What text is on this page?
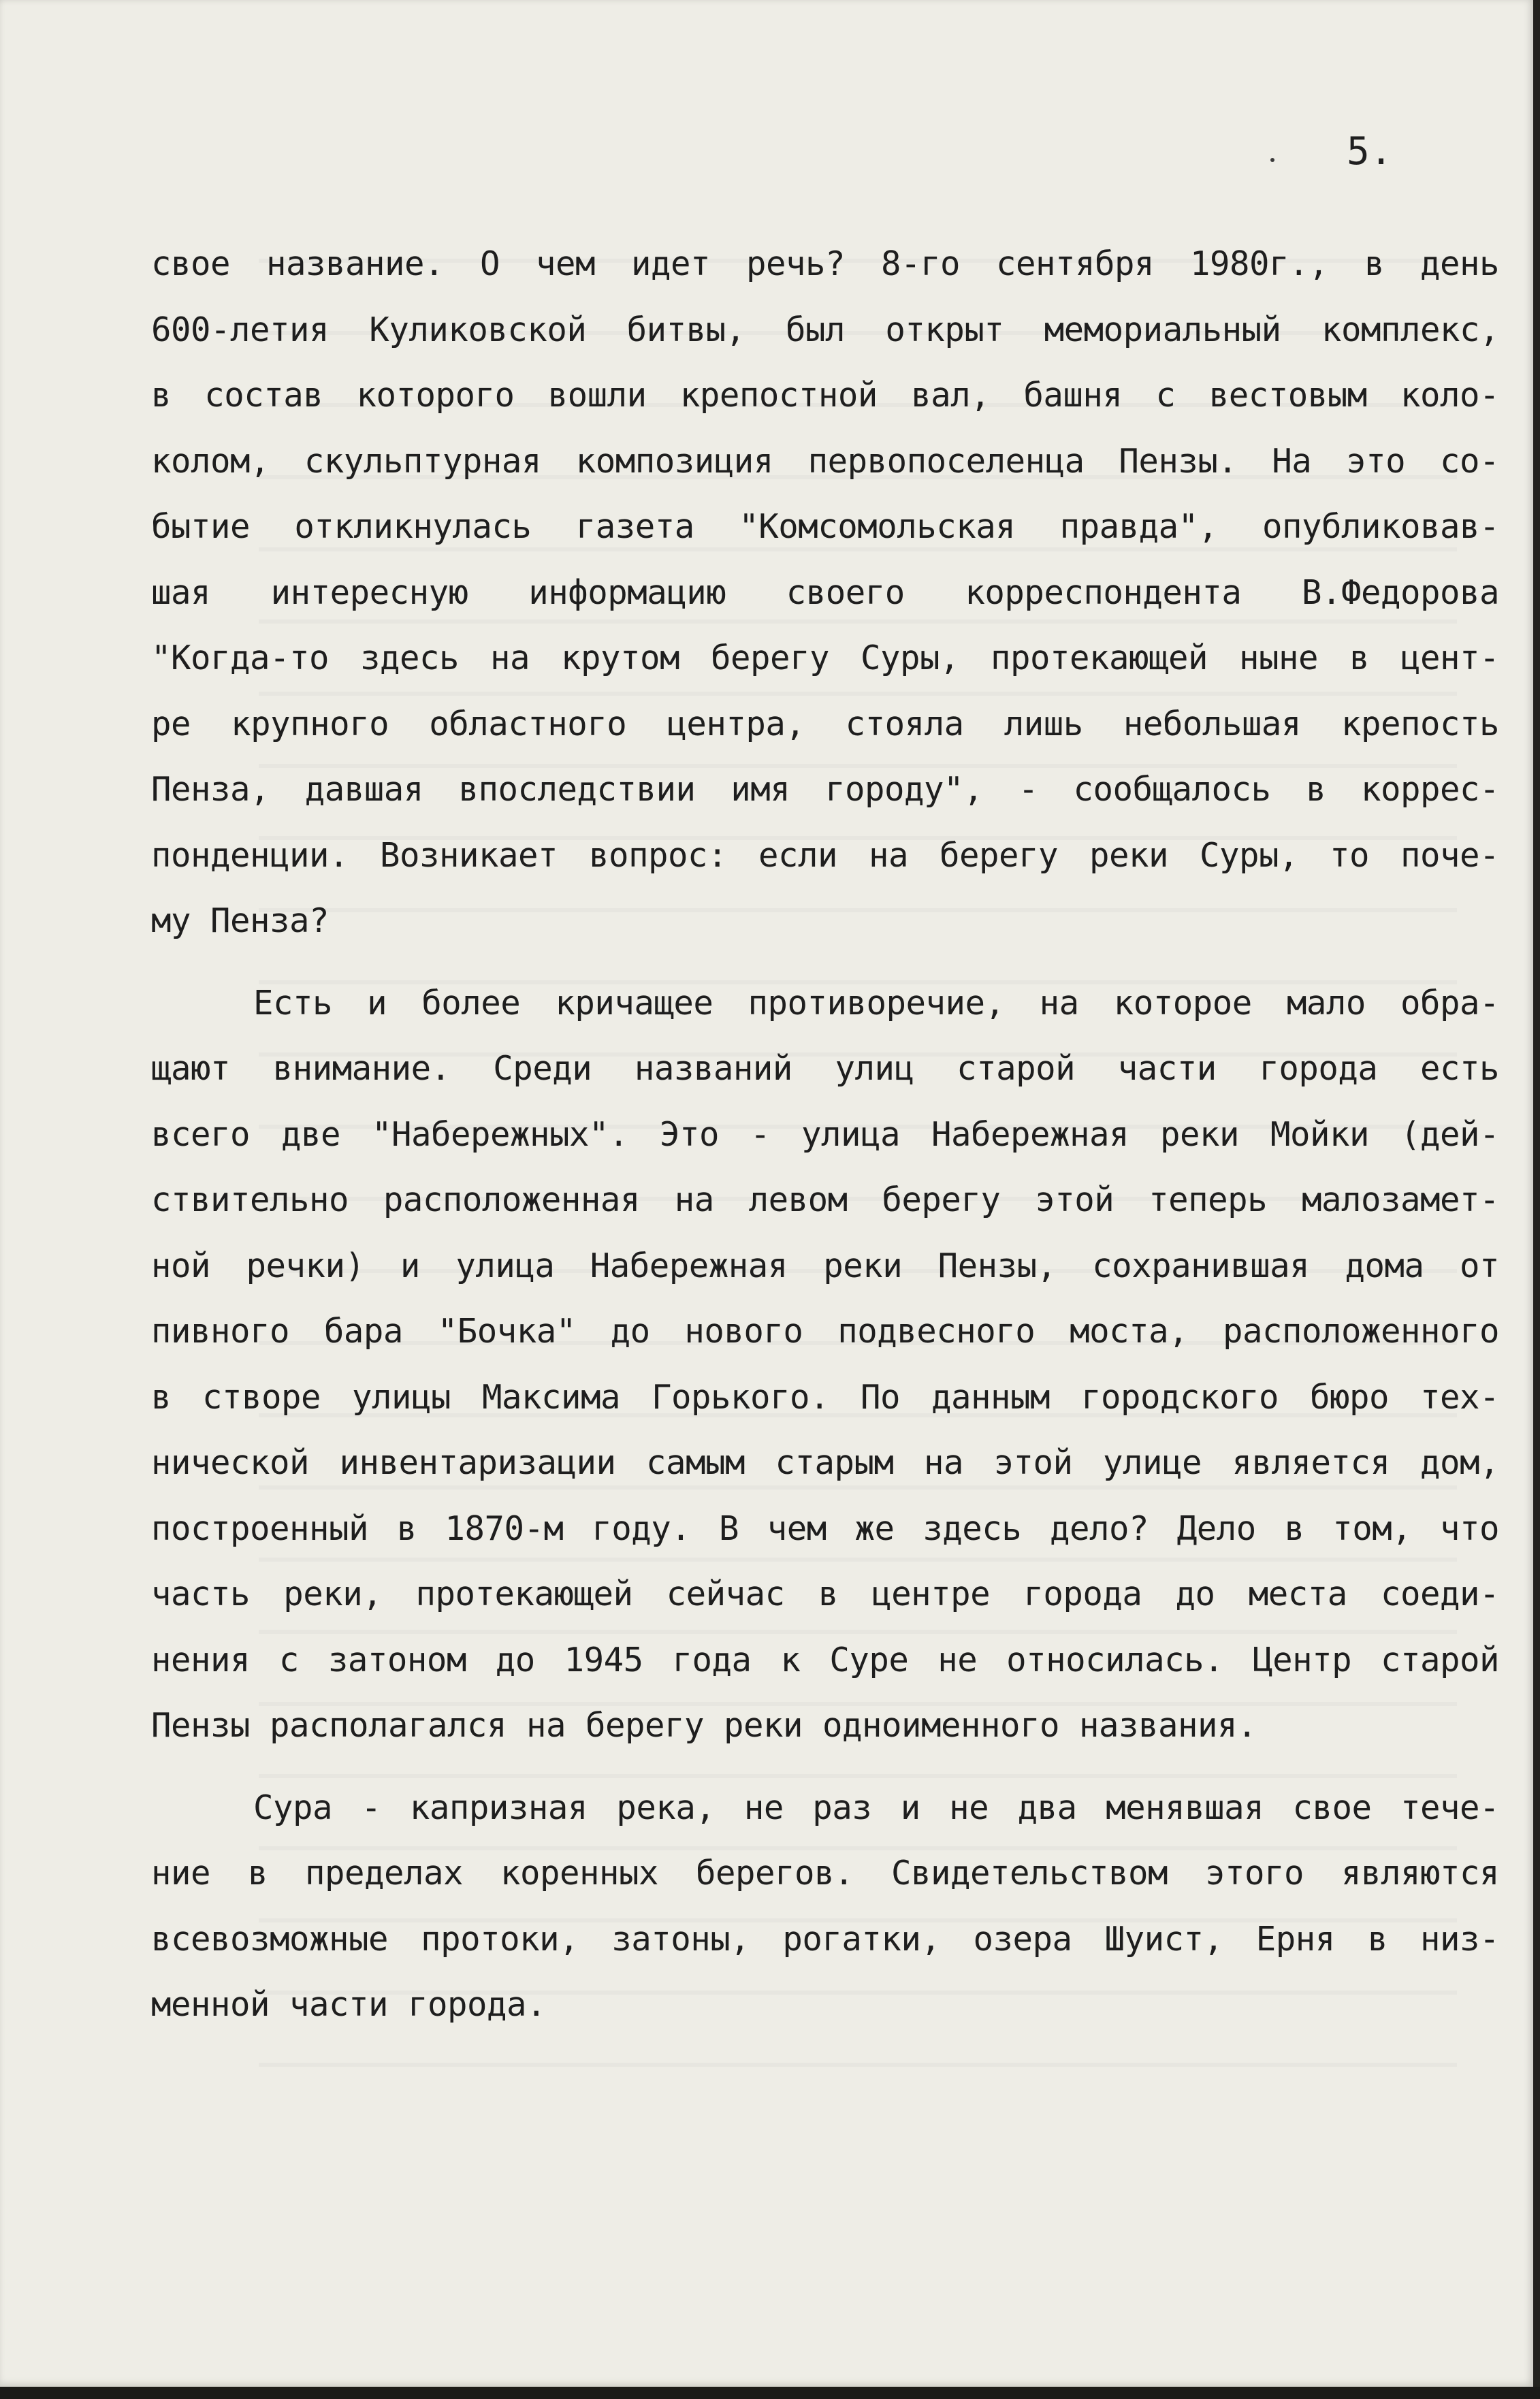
5.

свое название. О чем идет речь? 8-го сентября 1980г., в день
600-летия Куликовской битвы, был открыт мемориальный комплекс,
в состав которого вошли крепостной вал, башня с вестовым коло-
колом, скульптурная композиция первопоселенца Пензы. На это со-
бытие откликнулась газета "Комсомольская правда", опубликовав-
шая интересную информацию своего корреспондента В.Федорова
"Когда-то здесь на крутом берегу Суры, протекающей ныне в цент-
ре крупного областного центра, стояла лишь небольшая крепость
Пенза, давшая впоследствии имя городу", - сообщалось в коррес-
понденции. Возникает вопрос: если на берегу реки Суры, то поче-
му Пенза?
Есть и более кричащее противоречие, на которое мало обра-
щают внимание. Среди названий улиц старой части города есть
всего две "Набережных". Это - улица Набережная реки Мойки (дей-
ствительно расположенная на левом берегу этой теперь малозамет-
ной речки) и улица Набережная реки Пензы, сохранившая дома от
пивного бара "Бочка" до нового подвесного моста, расположенного
в створе улицы Максима Горького. По данным городского бюро тех-
нической инвентаризации самым старым на этой улице является дом,
построенный в 1870-м году. В чем же здесь дело? Дело в том, что
часть реки, протекающей сейчас в центре города до места соеди-
нения с затоном до 1945 года к Суре не относилась. Центр старой
Пензы располагался на берегу реки одноименного названия.
Сура - капризная река, не раз и не два менявшая свое тече-
ние в пределах коренных берегов. Свидетельством этого являются
всевозможные протоки, затоны, рогатки, озера Шуист, Ерня в низ-
менной части города.
